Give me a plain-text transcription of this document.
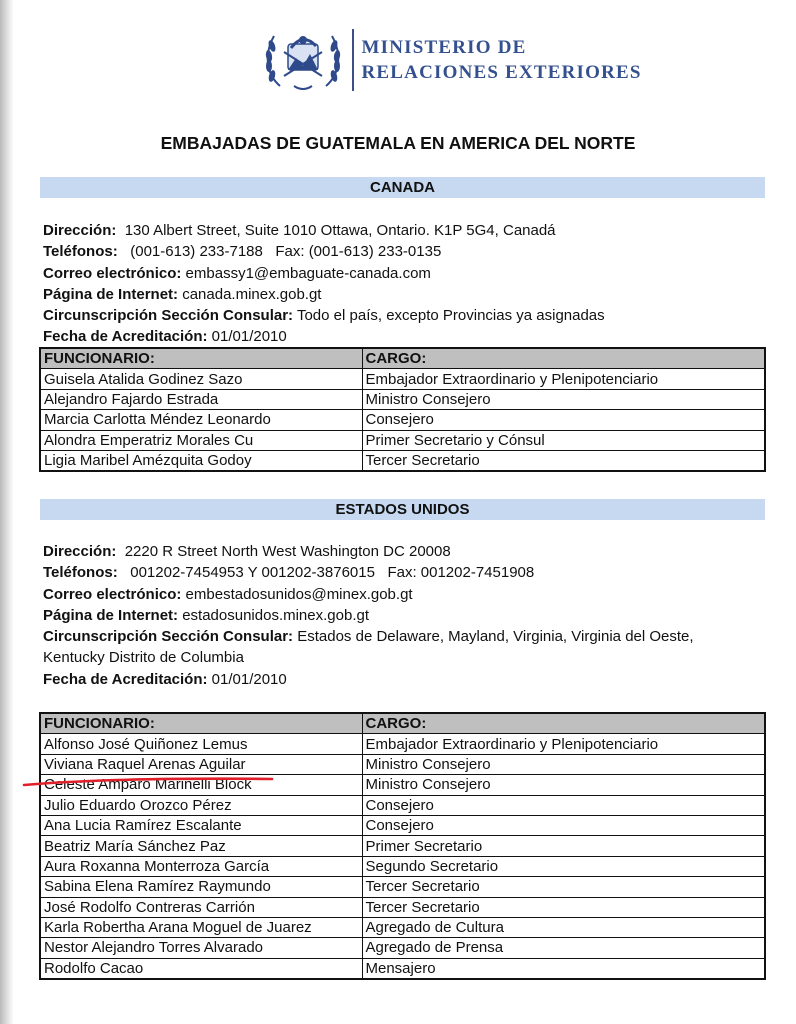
MINISTERIO DE
RELACIONES EXTERIORES
EMBAJADAS DE GUATEMALA EN AMERICA DEL NORTE
CANADA

Dirección: 130 Albert Street, Suite 1010 Ottawa, Ontario. K1P 5G4, Canadá

Teléfonos: (001-613) 233-7188   Fax: (001-613) 233-0135

Correo electrónico: embassy1@embaguate-canada.com

Página de Internet: canada.minex.gob.gt

Circunscripción Sección Consular: Todo el país, excepto Provincias ya asignadas

Fecha de Acreditación: 01/01/2010

FUNCIONARIO:	CARGO:
Guisela Atalida Godinez Sazo	Embajador Extraordinario y Plenipotenciario
Alejandro Fajardo Estrada	Ministro Consejero
Marcia Carlotta Méndez Leonardo	Consejero
Alondra Emperatriz Morales Cu	Primer Secretario y Cónsul
Ligia Maribel Amézquita Godoy	Tercer Secretario
ESTADOS UNIDOS

Dirección: 2220 R Street North West Washington DC 20008

Teléfonos: 001202-7454953 Y 001202-3876015   Fax: 001202-7451908

Correo electrónico: embestadosunidos@minex.gob.gt

Página de Internet: estadosunidos.minex.gob.gt

Circunscripción Sección Consular: Estados de Delaware, Mayland, Virginia, Virginia del Oeste, Kentucky Distrito de Columbia

Fecha de Acreditación: 01/01/2010

FUNCIONARIO:	CARGO:
Alfonso José Quiñonez Lemus	Embajador Extraordinario y Plenipotenciario
Viviana Raquel Arenas Aguilar	Ministro Consejero
Celeste Amparo Marinelli Block	Ministro Consejero
Julio Eduardo Orozco Pérez	Consejero
Ana Lucia Ramírez Escalante	Consejero
Beatriz María Sánchez Paz	Primer Secretario
Aura Roxanna Monterroza García	Segundo Secretario
Sabina Elena Ramírez Raymundo	Tercer Secretario
José Rodolfo Contreras Carrión	Tercer Secretario
Karla Robertha Arana Moguel de Juarez	Agregado de Cultura
Nestor Alejandro Torres Alvarado	Agregado de Prensa
Rodolfo Cacao	Mensajero
